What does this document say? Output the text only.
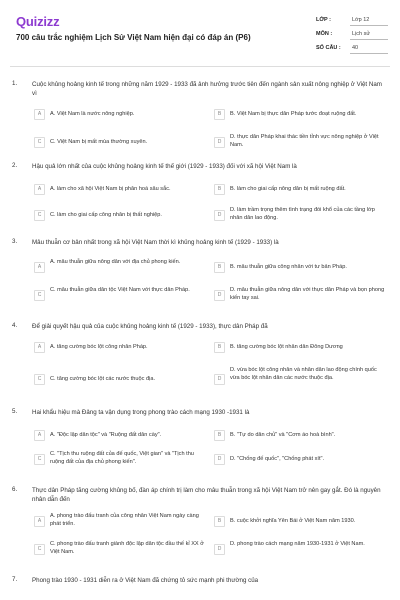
Quizizz
700 câu trắc nghiệm Lịch Sử Việt Nam hiện đại có đáp án (P6)
LỚP :	Lớp 12
MÔN :	Lịch sử
SỐ CÂU :	40
1. Cuộc khủng hoảng kinh tế trong những năm 1929 - 1933 đã ảnh hưởng trước tiên đến ngành sản xuất nông nghiệp ở Việt Nam vì
A	A. Việt Nam là nước nông nghiệp.	B	B. Việt Nam bị thực dân Pháp tước đoạt ruộng đất.
C	C. Việt Nam bị mất mùa thường xuyên.	D
D. thực dân Pháp khai thác tiền tỉnh vực nông nghiệp ở Việt Nam.
2. Hậu quả lớn nhất của cuộc khủng hoảng kinh tế thế giới (1929 - 1933) đối với xã hội Việt Nam là
A	A. làm cho xã hội Việt Nam bị phân hoá sâu sắc.	B	B. làm cho giai cấp nông dân bị mất ruộng đất.
C	C. làm cho giai cấp công nhân bị thất nghiệp.	D
D. làm trầm trọng thêm tình trạng đói khổ của các tầng lớp nhân dân lao động.
3. Mâu thuẫn cơ bản nhất trong xã hội Việt Nam thời kì khủng hoảng kinh tế (1929 - 1933) là
A
A. mâu thuẫn giữa nông dân với địa chủ phong kiến.
B	B. mâu thuẫn giữa công nhân với tư bản Pháp.
C
C. mâu thuẫn giữa dân tộc Việt Nam với thực dân Pháp.
D
D. mâu thuẫn giữa nông dân với thực dân Pháp và bọn phong kiến tay sai.
4. Để giải quyết hậu quả của cuộc khủng hoảng kinh tế (1929 - 1933), thực dân Pháp đã
A	A. tăng cường bóc lột công nhân Pháp.	B	B. tăng cường bóc lột nhân dân Đông Dương
C	C. tăng cường bóc lột các nước thuộc địa.	D
D. vừa bóc lột công nhân và nhân dân lao động chính quốc vừa bóc lột nhân dân các nước thuộc địa.
5. Hai khẩu hiệu mà Đảng ta vận dụng trong phong trào cách mạng 1930 -1931 là
A	A. "Độc lập dân tộc" và "Ruộng đất dân cày".	B	B. "Tự do dân chủ" và "Cơm áo hoà bình".
C
C. "Tịch thu ruộng đất của đế quốc, Việt gian" và "Tịch thu ruộng đất của địa chủ phong kiến".	D	D. "Chống đế quốc", "Chống phát xít".
6. Thực dân Pháp tăng cường khủng bố, đàn áp chính trị làm cho mâu thuẫn trong xã hội Việt Nam trở nên gay gắt. Đó là nguyên nhân dẫn đến
A
A. phong trào đấu tranh của công nhân Việt Nam ngày càng phát triển.	B	B. cuộc khởi nghĩa Yên Bái ở Việt Nam năm 1930.
C
C. phong trào đấu tranh giành độc lập dân tộc đầu thế kỉ XX ở Việt Nam.	D
D. phong trào cách mạng năm 1930-1931 ở Việt Nam.
7. Phong trào 1930 - 1931 diễn ra ở Việt Nam đã chứng tỏ sức mạnh phi thường của
